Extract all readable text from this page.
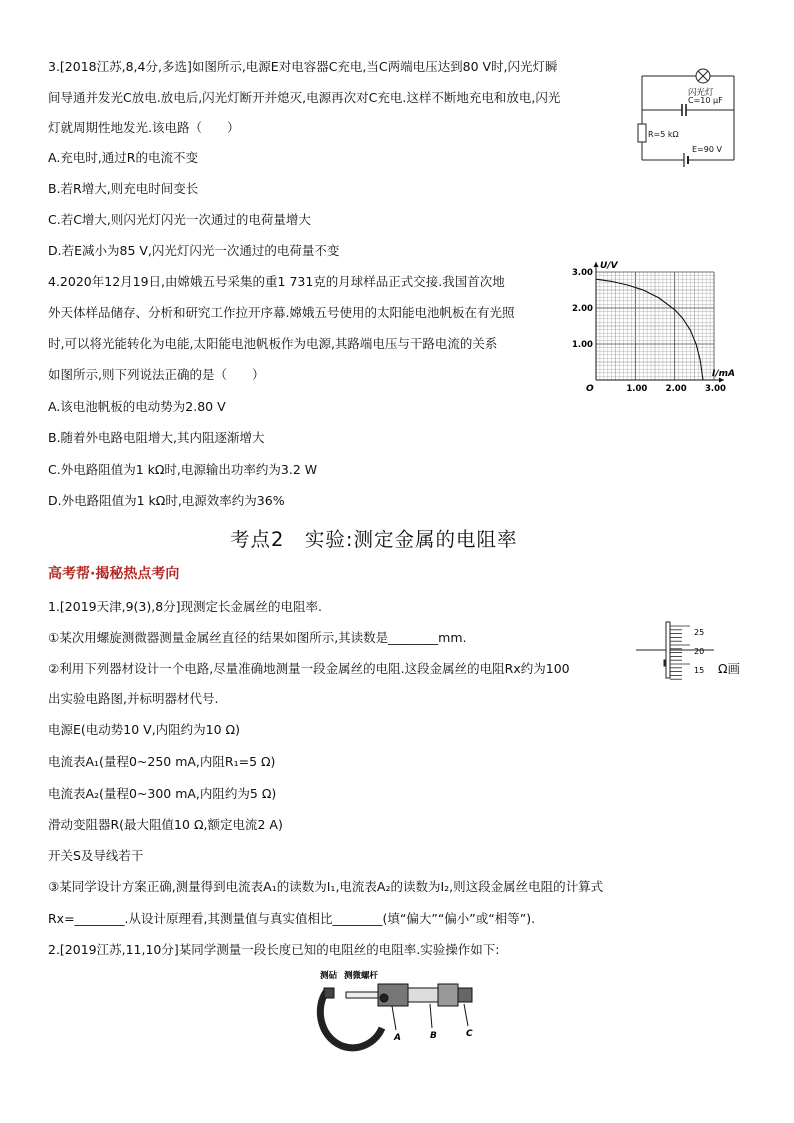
3.[2018江苏,8,4分,多选]如图所示,电源E对电容器C充电,当C两端电压达到80 V时,闪光灯瞬
间导通并发光C放电.放电后,闪光灯断开并熄灭,电源再次对C充电.这样不断地充电和放电,闪光
灯就周期性地发光.该电路（　　）
A.充电时,通过R的电流不变
B.若R增大,则充电时间变长
C.若C增大,则闪光灯闪光一次通过的电荷量增大
D.若E减小为85 V,闪光灯闪光一次通过的电荷量不变
闪光灯
C=10 μF
R=5 kΩ
E=90 V
4.2020年12月19日,由嫦娥五号采集的重1 731克的月球样品正式交接.我国首次地
外天体样品储存、分析和研究工作拉开序幕.嫦娥五号使用的太阳能电池帆板在有光照
时,可以将光能转化为电能,太阳能电池帆板作为电源,其路端电压与干路电流的关系
如图所示,则下列说法正确的是（　　）
A.该电池帆板的电动势为2.80 V
B.随着外电路电阻增大,其内阻逐渐增大
C.外电路阻值为1 kΩ时,电源输出功率约为3.2 W
D.外电路阻值为1 kΩ时,电源效率约为36%
1.00 2.00 3.00
1.00
2.00
3.00
U/V
I/mA
O
考点2　实验:测定金属的电阻率
高考帮·揭秘热点考向
1.[2019天津,9(3),8分]现测定长金属丝的电阻率.
①某次用螺旋测微器测量金属丝直径的结果如图所示,其读数是________mm.
②利用下列器材设计一个电路,尽量准确地测量一段金属丝的电阻.这段金属丝的电阻Rx约为100	Ω画
出实验电路图,并标明器材代号.
电源E(电动势10 V,内阻约为10 Ω)
电流表A₁(量程0~250 mA,内阻R₁=5 Ω)
电流表A₂(量程0~300 mA,内阻约为5 Ω)
滑动变阻器R(最大阻值10 Ω,额定电流2 A)
开关S及导线若干
③某同学设计方案正确,测量得到电流表A₁的读数为I₁,电流表A₂的读数为I₂,则这段金属丝电阻的计算式
Rx=________.从设计原理看,其测量值与真实值相比________(填“偏大”“偏小”或“相等”).
25
20
15
2.[2019江苏,11,10分]某同学测量一段长度已知的电阻丝的电阻率.实验操作如下:
测砧 测微螺杆
A	B	C
